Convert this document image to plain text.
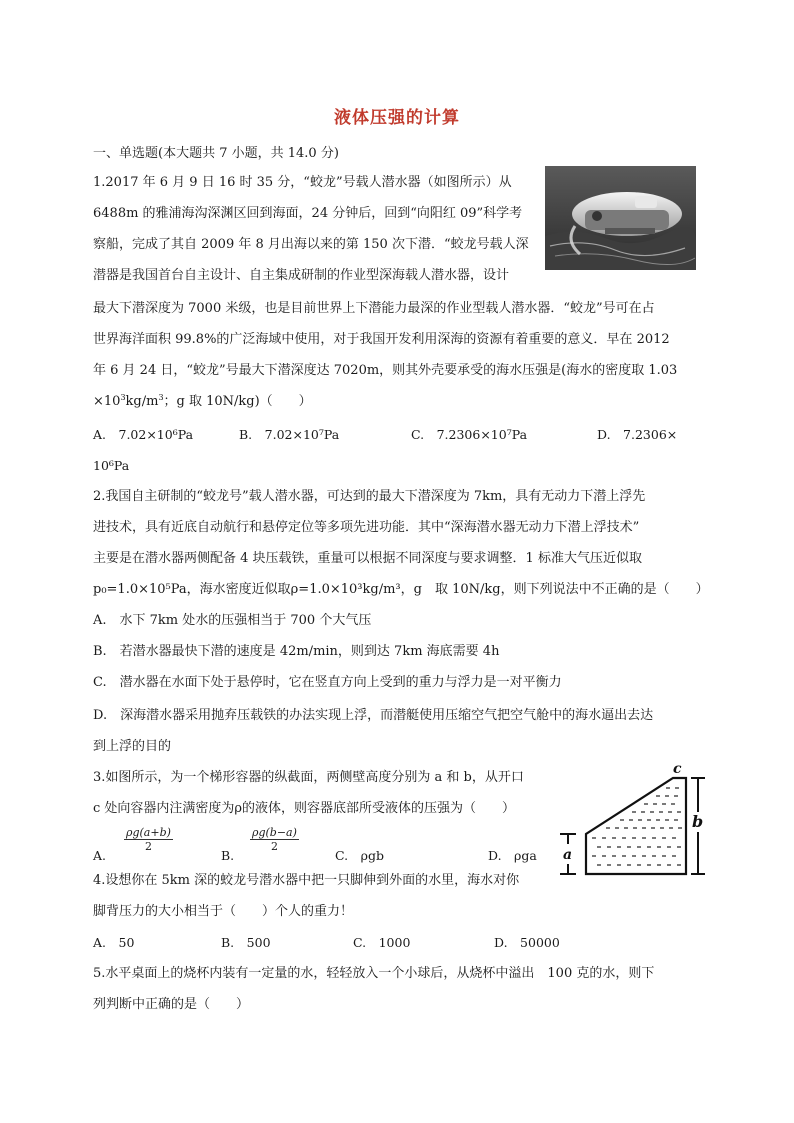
液体压强的计算
一、单选题(本大题共 7 小题，共 14.0 分)
1.2017 年 6 月 9 日 16 时 35 分，“蛟龙”号载人潜水器（如图所示）从
6488m 的雅浦海沟深渊区回到海面，24 分钟后，回到“向阳红 09”科学考
察船，完成了其自 2009 年 8 月出海以来的第 150 次下潜．“蛟龙号载人深
潜器是我国首台自主设计、自主集成研制的作业型深海载人潜水器，设计
最大下潜深度为 7000 米级，也是目前世界上下潜能力最深的作业型载人潜水器．“蛟龙”号可在占
世界海洋面积 99.8%的广泛海域中使用，对于我国开发利用深海的资源有着重要的意义．早在 2012
年 6 月 24 日，“蛟龙”号最大下潜深度达 7020m，则其外壳要承受的海水压强是(海水的密度取 1.03
$\times 10^3kg/m^3$；g 取 10N/kg)（　　）
A.　7.02×10⁶Pa	B.　7.02×10⁷Pa	C.　7.2306×10⁷Pa	D.　7.2306×
10⁶Pa
2.我国自主研制的“蛟龙号”载人潜水器，可达到的最大下潜深度为 7km，具有无动力下潜上浮先
进技术，具有近底自动航行和悬停定位等多项先进功能．其中“深海潜水器无动力下潜上浮技术”
主要是在潜水器两侧配备 4 块压载铁，重量可以根据不同深度与要求调整．1 标准大气压近似取
p₀=1.0×10⁵Pa，海水密度近似取ρ=1.0×10³kg/m³，g　取 10N/kg，则下列说法中不正确的是（　　）
A.　水下 7km 处水的压强相当于 700 个大气压
B.　若潜水器最快下潜的速度是 42m/min，则到达 7km 海底需要 4h
C.　潜水器在水面下处于悬停时，它在竖直方向上受到的重力与浮力是一对平衡力
D.　深海潜水器采用抛弃压载铁的办法实现上浮，而潜艇使用压缩空气把空气舱中的海水逼出去达
到上浮的目的
3.如图所示，为一个梯形容器的纵截面，两侧壁高度分别为 a 和 b，从开口
c 处向容器内注满密度为ρ的液体，则容器底部所受液体的压强为（　　）
A.
$\frac{\rho g(a+b)}{2}$
B.
$\frac{\rho g(b-a)}{2}$
C.　ρgb	D.　ρga
c
b
a
4.设想你在 5km 深的蛟龙号潜水器中把一只脚伸到外面的水里，海水对你
脚背压力的大小相当于（　　）个人的重力！
A.　50	B.　500	C.　1000	D.　50000
5.水平桌面上的烧杯内装有一定量的水，轻轻放入一个小球后，从烧杯中溢出　100 克的水，则下
列判断中正确的是（　　）
